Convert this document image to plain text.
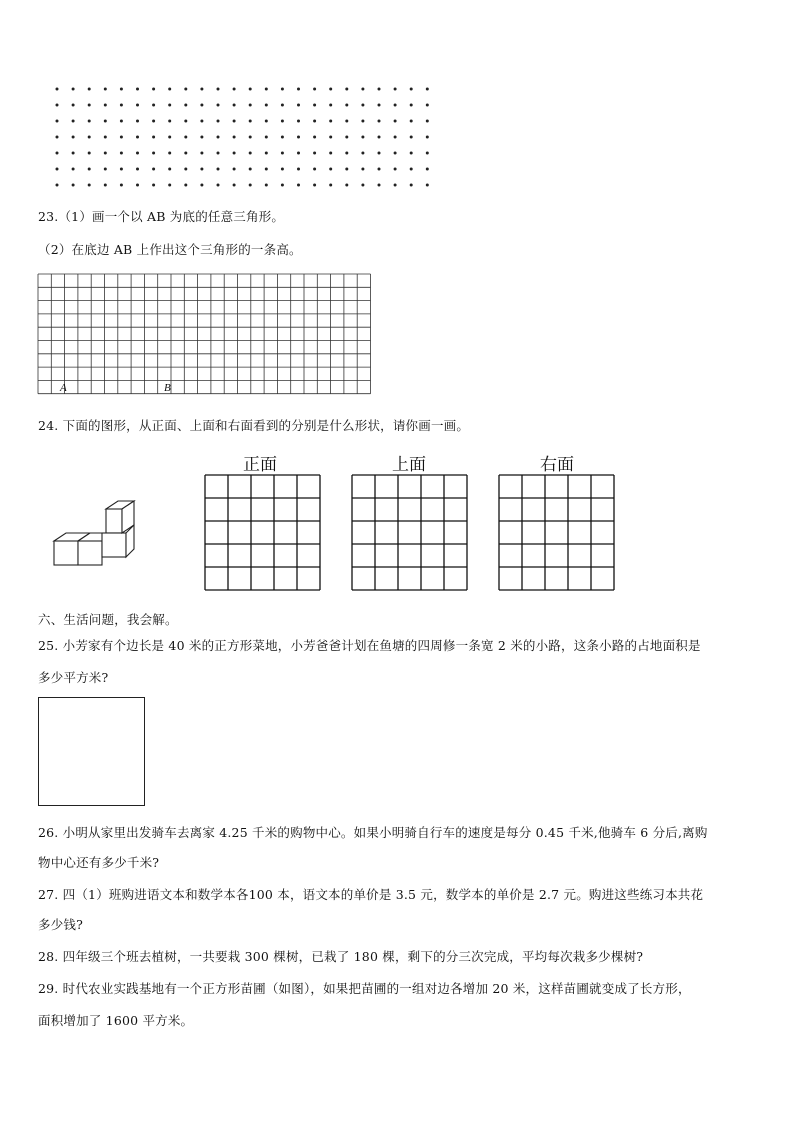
23.（1）画一个以 AB 为底的任意三角形。
（2）在底边 AB 上作出这个三角形的一条高。
A	B
24. 下面的图形，从正面、上面和右面看到的分别是什么形状，请你画一画。
正面	上面	右面
六、生活问题，我会解。
25. 小芳家有个边长是 40 米的正方形菜地，小芳爸爸计划在鱼塘的四周修一条宽 2 米的小路，这条小路的占地面积是
多少平方米?
26. 小明从家里出发骑车去离家 4.25 千米的购物中心。如果小明骑自行车的速度是每分 0.45 千米,他骑车 6 分后,离购
物中心还有多少千米?
27. 四（1）班购进语文本和数学本各100 本，语文本的单价是 3.5 元，数学本的单价是 2.7 元。购进这些练习本共花
多少钱?
28. 四年级三个班去植树，一共要栽 300 棵树，已栽了 180 棵，剩下的分三次完成，平均每次栽多少棵树?
29. 时代农业实践基地有一个正方形苗圃（如图），如果把苗圃的一组对边各增加 20 米，这样苗圃就变成了长方形，
面积增加了 1600 平方米。
